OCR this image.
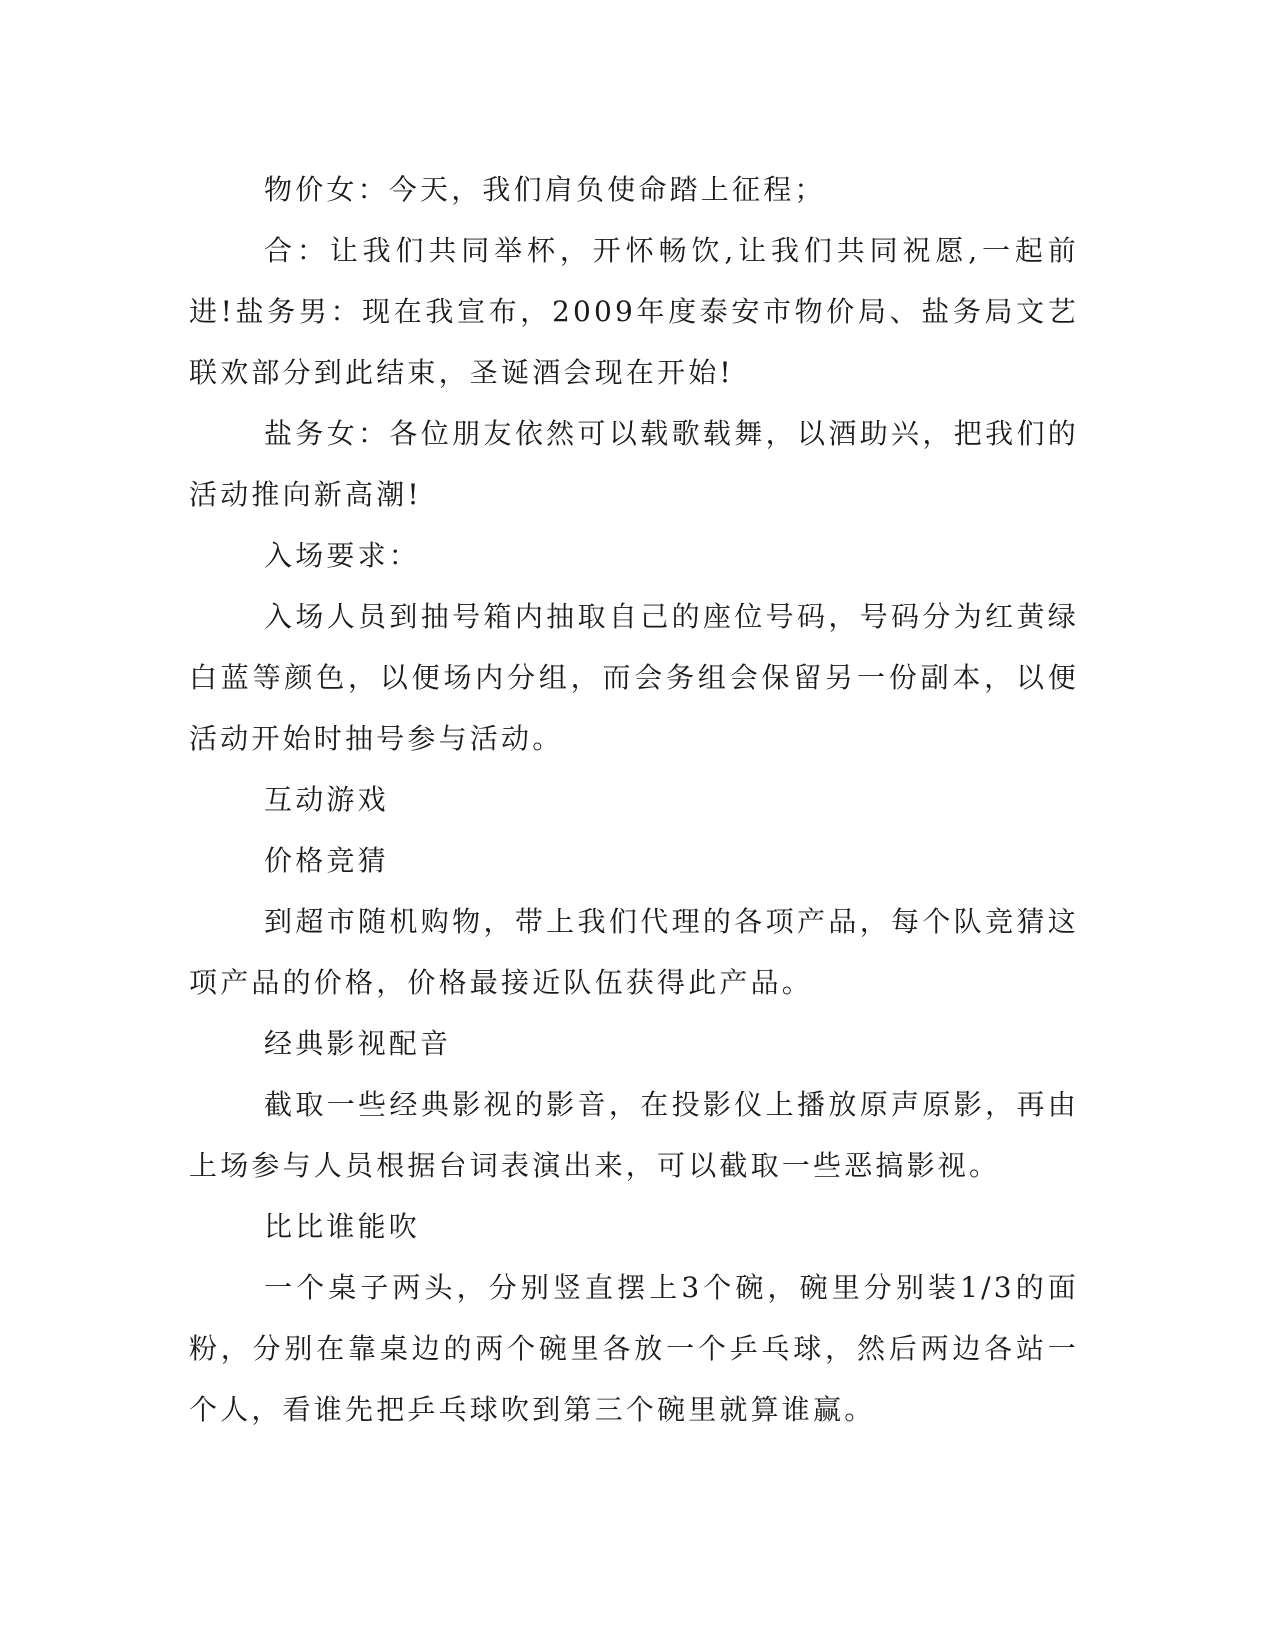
物价女：今天，我们肩负使命踏上征程；

合：让我们共同举杯，开怀畅饮,让我们共同祝愿,一起前进!盐务男：现在我宣布，2009年度泰安市物价局、盐务局文艺联欢部分到此结束，圣诞酒会现在开始!

盐务女：各位朋友依然可以载歌载舞，以酒助兴，把我们的活动推向新高潮!

入场要求：

入场人员到抽号箱内抽取自己的座位号码，号码分为红黄绿白蓝等颜色，以便场内分组，而会务组会保留另一份副本，以便活动开始时抽号参与活动。

互动游戏

价格竞猜

到超市随机购物，带上我们代理的各项产品，每个队竞猜这项产品的价格，价格最接近队伍获得此产品。

经典影视配音

截取一些经典影视的影音，在投影仪上播放原声原影，再由上场参与人员根据台词表演出来，可以截取一些恶搞影视。

比比谁能吹

一个桌子两头，分别竖直摆上3个碗，碗里分别装1/3的面粉，分别在靠桌边的两个碗里各放一个乒乓球，然后两边各站一个人，看谁先把乒乓球吹到第三个碗里就算谁赢。
